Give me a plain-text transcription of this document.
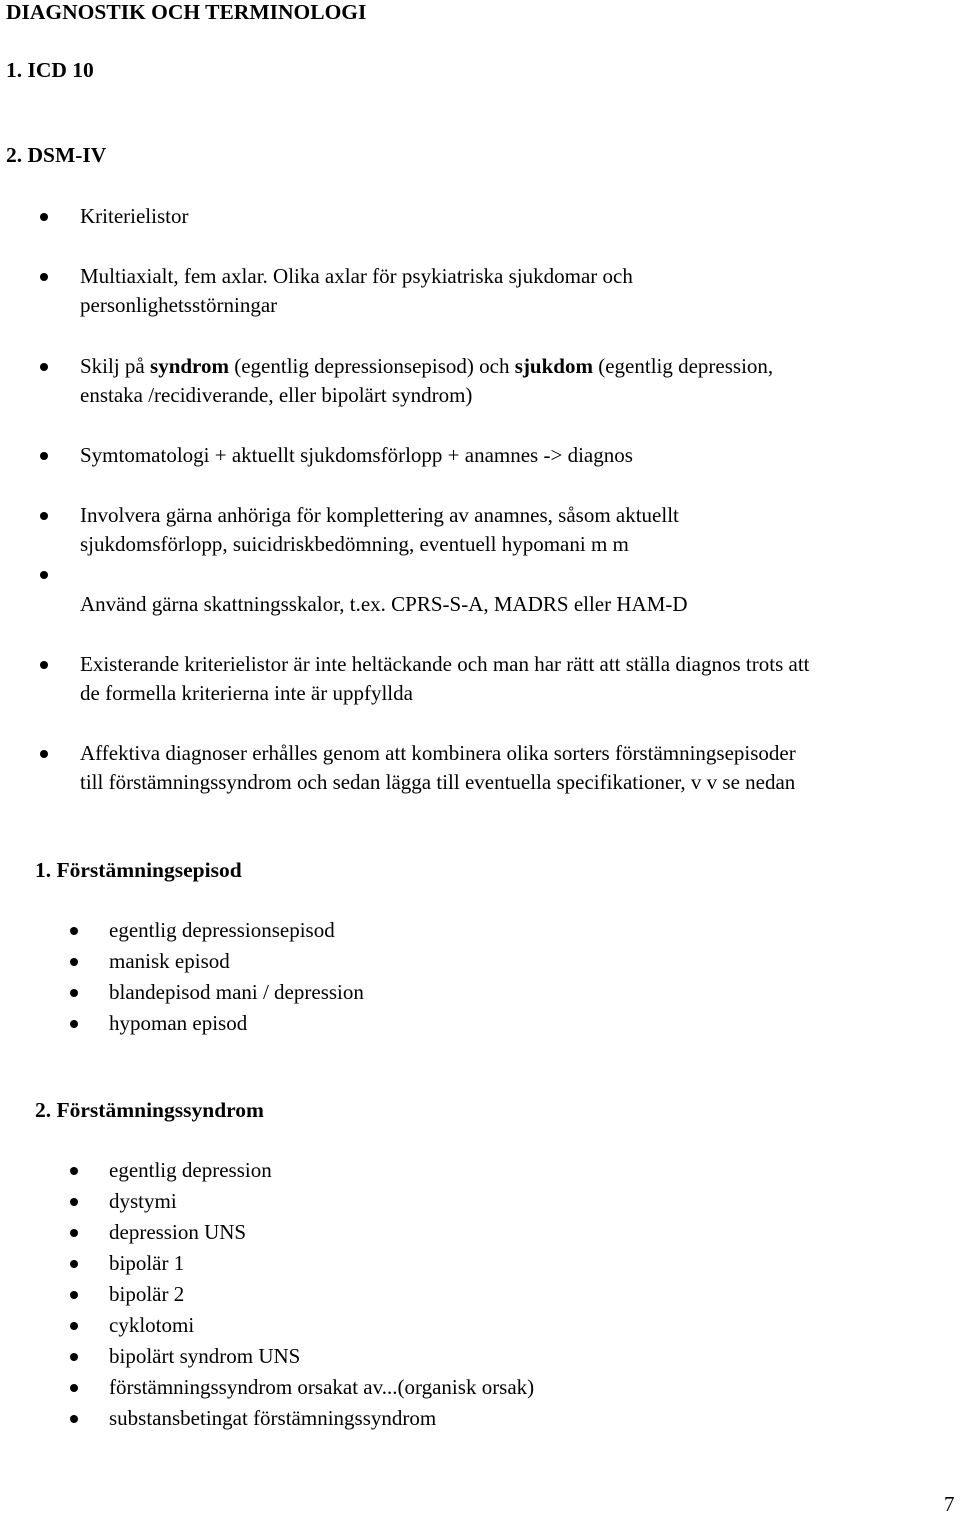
DIAGNOSTIK OCH TERMINOLOGI
1. ICD 10
2. DSM-IV
Kriterielistor
Multiaxialt, fem axlar. Olika axlar för psykiatriska sjukdomar och
personlighetsstörningar
Skilj på syndrom (egentlig depressionsepisod) och sjukdom (egentlig depression,
enstaka /recidiverande, eller bipolärt syndrom)
Symtomatologi + aktuellt sjukdomsförlopp + anamnes -> diagnos
Involvera gärna anhöriga för komplettering av anamnes, såsom aktuellt
sjukdomsförlopp, suicidriskbedömning, eventuell hypomani m m
Använd gärna skattningsskalor, t.ex. CPRS-S-A, MADRS eller HAM-D
Existerande kriterielistor är inte heltäckande och man har rätt att ställa diagnos trots att
de formella kriterierna inte är uppfyllda
Affektiva diagnoser erhålles genom att kombinera olika sorters förstämningsepisoder
till förstämningssyndrom och sedan lägga till eventuella specifikationer, v v se nedan
1. Förstämningsepisod
egentlig depressionsepisod
manisk episod
blandepisod mani / depression
hypoman episod
2. Förstämningssyndrom
egentlig depression
dystymi
depression UNS
bipolär 1
bipolär 2
cyklotomi
bipolärt syndrom UNS
förstämningssyndrom orsakat av...(organisk orsak)
substansbetingat förstämningssyndrom
7
